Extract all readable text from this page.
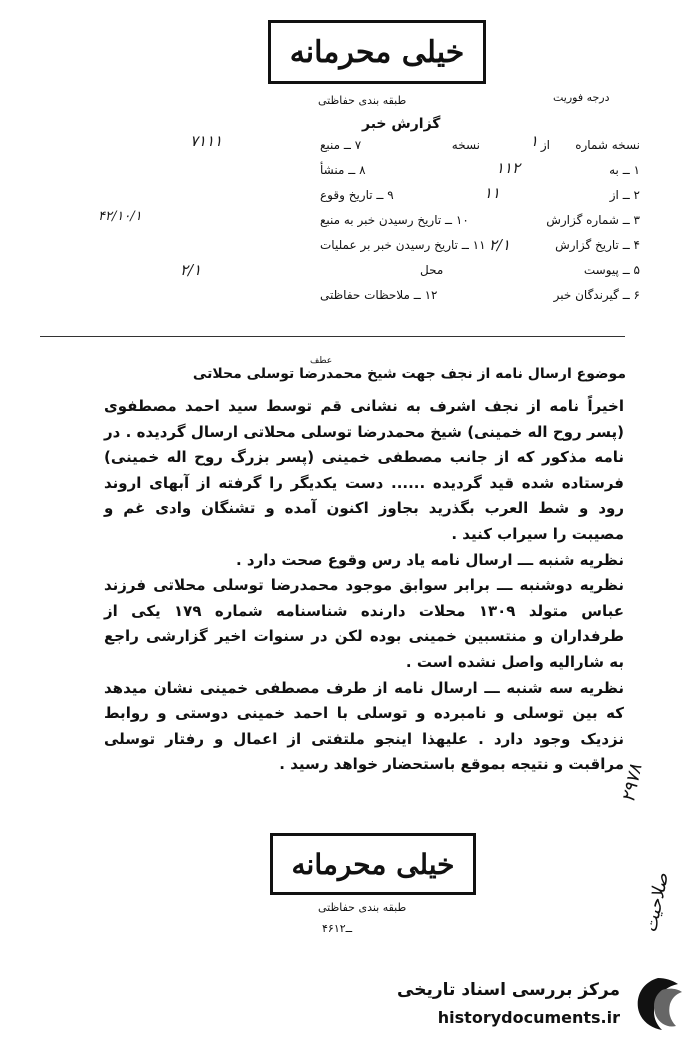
خیلی محرمانه
طبقه بندی حفاظتی	درجه فوریت
گزارش خبر
نسخه شماره
از
نسخه	۱
۷ ــ منبع
۷۱۱۱
۱ ــ به
۱۱۲
۸ ــ منشأ
۲ ــ از
۱۱
۹ ــ تاریخ وقوع
۳ ــ شماره گزارش
۱۰ ــ تاریخ رسیدن خبر به منبع
۴۲/۱۰/۱
۴ ــ تاریخ گزارش
۲/۱
۱۱ ــ تاریخ رسیدن خبر بر عملیات
۵ ــ پیوست
محل
۲/۱
۶ ــ گیرندگان خبر
۱۲ ــ ملاحظات حفاظتی
عطف
موضوع ارسال نامه از نجف جهت شیخ محمدرضا توسلی محلاتی

اخیراً نامه از نجف اشرف به نشانی قم توسط سید احمد مصطفوی (پسر روح اله خمینی) شیخ محمدرضا توسلی محلاتی ارسال گردیده . در نامه مذکور که از جانب مصطفی خمینی (پسر بزرگ روح اله خمینی) فرستاده شده قید گردیده ...... دست یکدیگر را گرفته از آبهای اروند رود و شط العرب بگذرید بجاوز اکنون آمده و تشنگان وادی غم و مصیبت را سیراب کنید .

نظریه شنبه ـــ ارسال نامه یاد رس وقوع صحت دارد .

نظریه دوشنبه ـــ برابر سوابق موجود محمدرضا توسلی محلاتی فرزند عباس متولد ۱۳۰۹ محلات دارنده شناسنامه شماره ۱۷۹ یکی از طرفداران و منتسبین خمینی بوده لکن در سنوات اخیر گزارشی راجع به شارالیه واصل نشده است .

نظریه سه شنبه ـــ ارسال نامه از طرف مصطفی خمینی نشان میدهد که بین توسلی و نامبرده و توسلی با احمد خمینی دوستی و روابط نزدیک وجود دارد . علیهذا اینجو ملتفتی از اعمال و رفتار توسلی مراقبت و نتیجه بموقع باستحضار خواهد رسید .

خیلی محرمانه
طبقه بندی حفاظتی
۴۶ــ۱۲
۲۹۷۸
صلاحیت
مرکز بررسی اسناد تاریخی
historydocuments.ir
